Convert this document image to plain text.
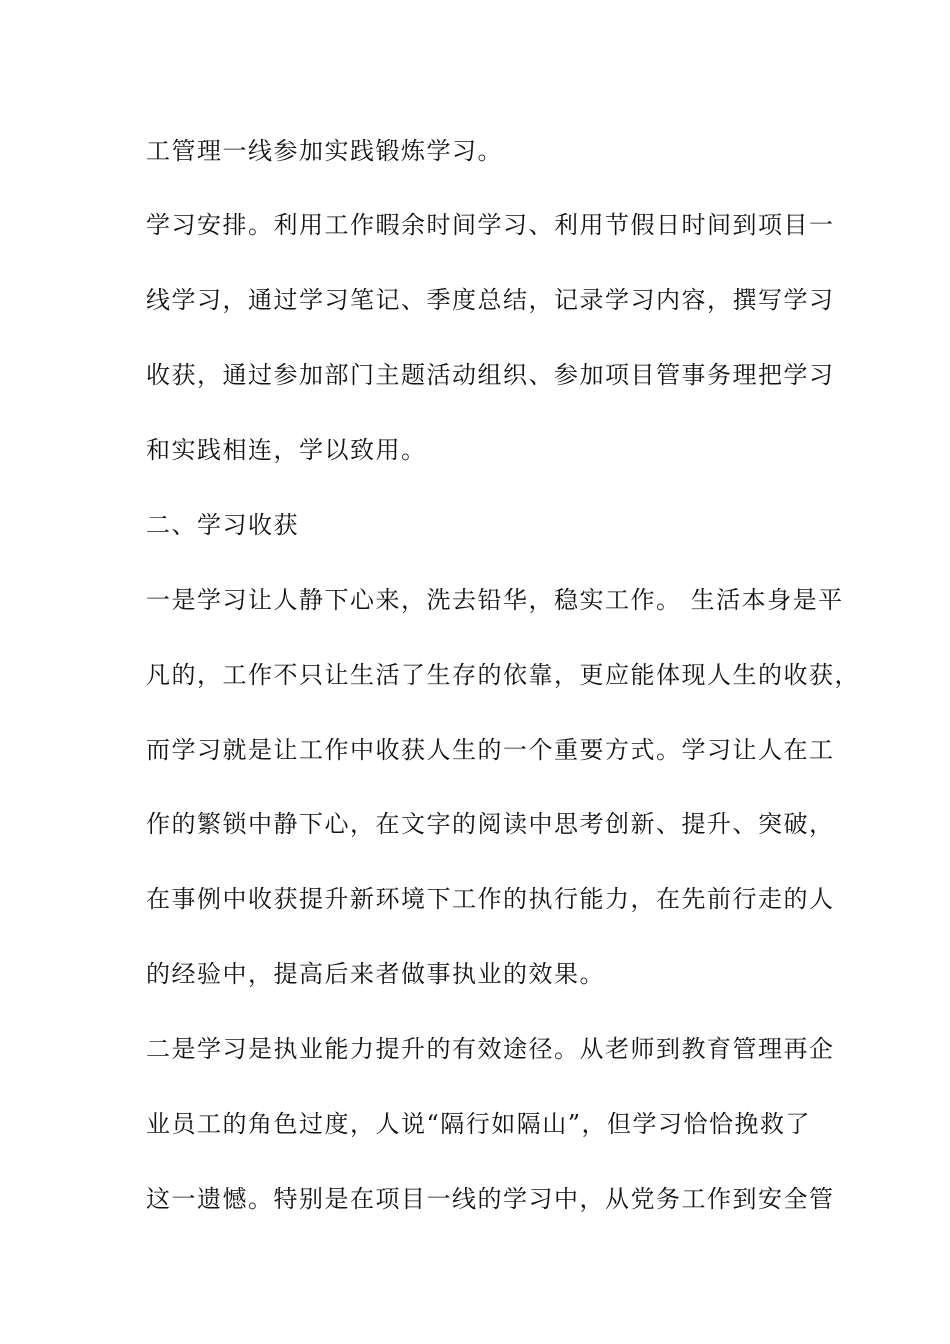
工管理一线参加实践锻炼学习。
学习安排。利用工作暇余时间学习、利用节假日时间到项目一
线学习，通过学习笔记、季度总结，记录学习内容，撰写学习
收获，通过参加部门主题活动组织、参加项目管事务理把学习
和实践相连，学以致用。
二、学习收获
一是学习让人静下心来，洗去铅华，稳实工作。 生活本身是平
凡的，工作不只让生活了生存的依靠，更应能体现人生的收获，
而学习就是让工作中收获人生的一个重要方式。学习让人在工
作的繁锁中静下心，在文字的阅读中思考创新、提升、突破，
在事例中收获提升新环境下工作的执行能力，在先前行走的人
的经验中，提高后来者做事执业的效果。
二是学习是执业能力提升的有效途径。从老师到教育管理再企
业员工的角色过度，人说“隔行如隔山”，但学习恰恰挽救了
这一遗憾。特别是在项目一线的学习中，从党务工作到安全管
